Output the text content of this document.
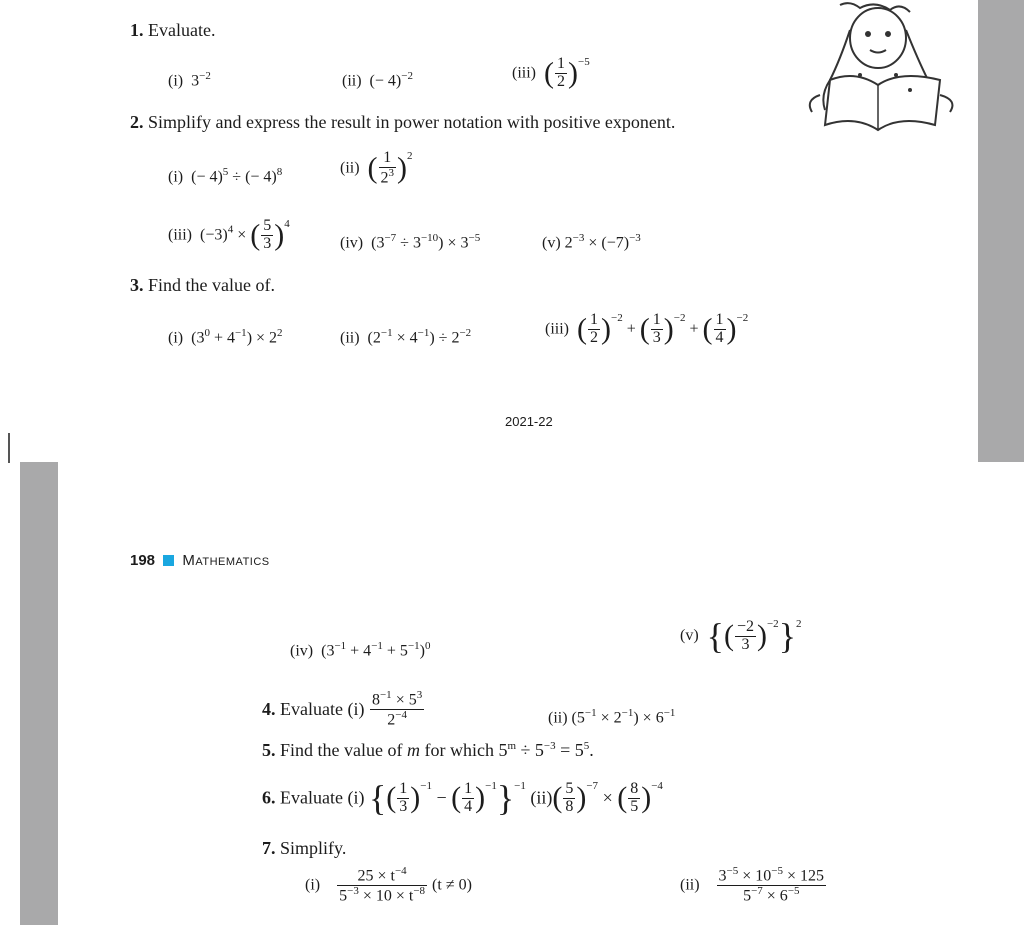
1. Evaluate.
(i) $3^{-2}$	(ii) (− 4)$^{-2}$	(iii) ( $\frac{1}{2} )^{-5}$
2. Simplify and express the result in power notation with positive exponent.
(i) (− 4)$^5$ ÷ (− 4)$^8$	(ii) ( $\frac{1}{2^3} )^2$
(iii) $(-3)^4$ × ( $\frac{5}{3} )^4$
(iv) $(3^{-7} \div 3^{-10}) \times 3^{-5}$	(v) $2^{-3} \times (-7)^{-3}$
3. Find the value of.
(i) $(3^0 + 4^{-1}) \times 2^2$	(ii) $(2^{-1} \times 4^{-1}) \div 2^{-2}$	(iii) ( $\frac{1}{2} )^{-2}$ + ( $\frac{1}{3} )^{-2}$ + ( $\frac{1}{4} )^{-2}$
2021-22
198 Mathematics
(iv) $(3^{-1} + 4^{-1} + 5^{-1})^0$
(v) {( $\frac{-2}{3} )^{-2}\}^2$
4. Evaluate $(i) \frac{8^{-1} \times 5^3}{2^{-4}}$	(ii) $(5^{-1} \times 2^{-1}) \times 6^{-1}$
5. Find the value of m for which $5^m \div 5^{-3} = 5^5$.
6. Evaluate (i) {( $\frac{1}{3} )^{-1}$ − ( $\frac{1}{4} )^{-1}\}^{-1}$ $(ii)( \frac{5}{8} )^{-7}$ × ( $\frac{8}{5} )^{-4}$
7. Simplify.
$(i) \frac{25 \times t^{-4}}{5^{-3} \times 10 \times t^{-8}} (t \ne 0)$	$(ii) \frac{3^{-5} \times 10^{-5} \times 125}{5^{-7} \times 6^{-5}}$
